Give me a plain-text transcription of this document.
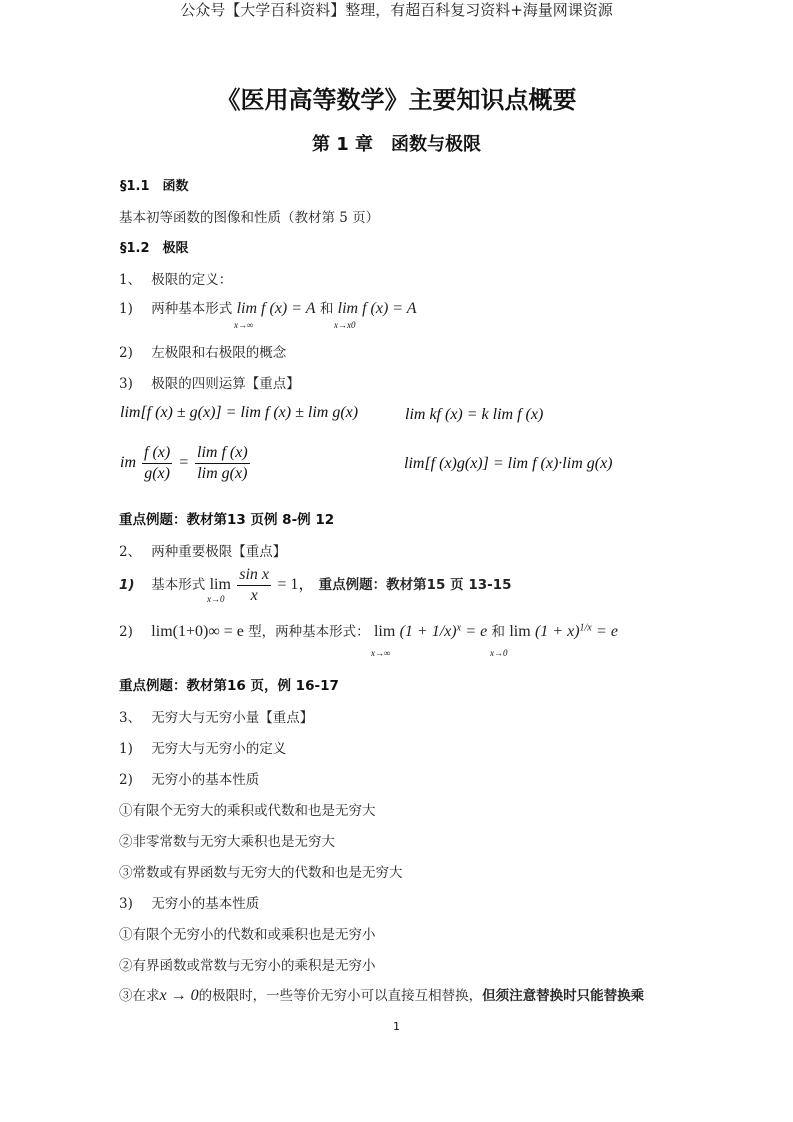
公众号【大学百科资料】整理，有超百科复习资料+海量网课资源
《医用高等数学》主要知识点概要
第 1 章　函数与极限
§1.1　函数
基本初等函数的图像和性质（教材第 5 页）
§1.2　极限
1、 极限的定义：
1) 两种基本形式 lim f (x) = A 和 lim f (x) = A
x→∞	x→x0
2) 左极限和右极限的概念
3) 极限的四则运算【重点】
lim[f (x) ± g(x)] = lim f (x) ± lim g(x)	lim kf (x) = k lim f (x)
im $\frac{f (x)}{g(x)} = \frac{\text{lim f (x)}}{\text{lim g(x)}}$	lim[f (x)g(x)] = lim f (x)·lim g(x)
重点例题：教材第13 页例 8-例 12
2、 两种重要极限【重点】
1) 基本形式 $\lim \frac{\text{sin x}}{x} = 1$， 重点例题：教材第15 页 13-15
x→0
2) lim(1+0)∞ = e 型，两种基本形式： $\lim (1 + 1/x)^x = e$ 和 $\lim (1 + x)^{1/x} = e$
x→∞	x→0
重点例题：教材第16 页，例 16-17
3、 无穷大与无穷小量【重点】
1) 无穷大与无穷小的定义
2) 无穷小的基本性质
①有限个无穷大的乘积或代数和也是无穷大
②非零常数与无穷大乘积也是无穷大
③常数或有界函数与无穷大的代数和也是无穷大
3) 无穷小的基本性质
①有限个无穷小的代数和或乘积也是无穷小
②有界函数或常数与无穷小的乘积是无穷小
③在求x → 0的极限时，一些等价无穷小可以直接互相替换，但须注意替换时只能替换乘
1
